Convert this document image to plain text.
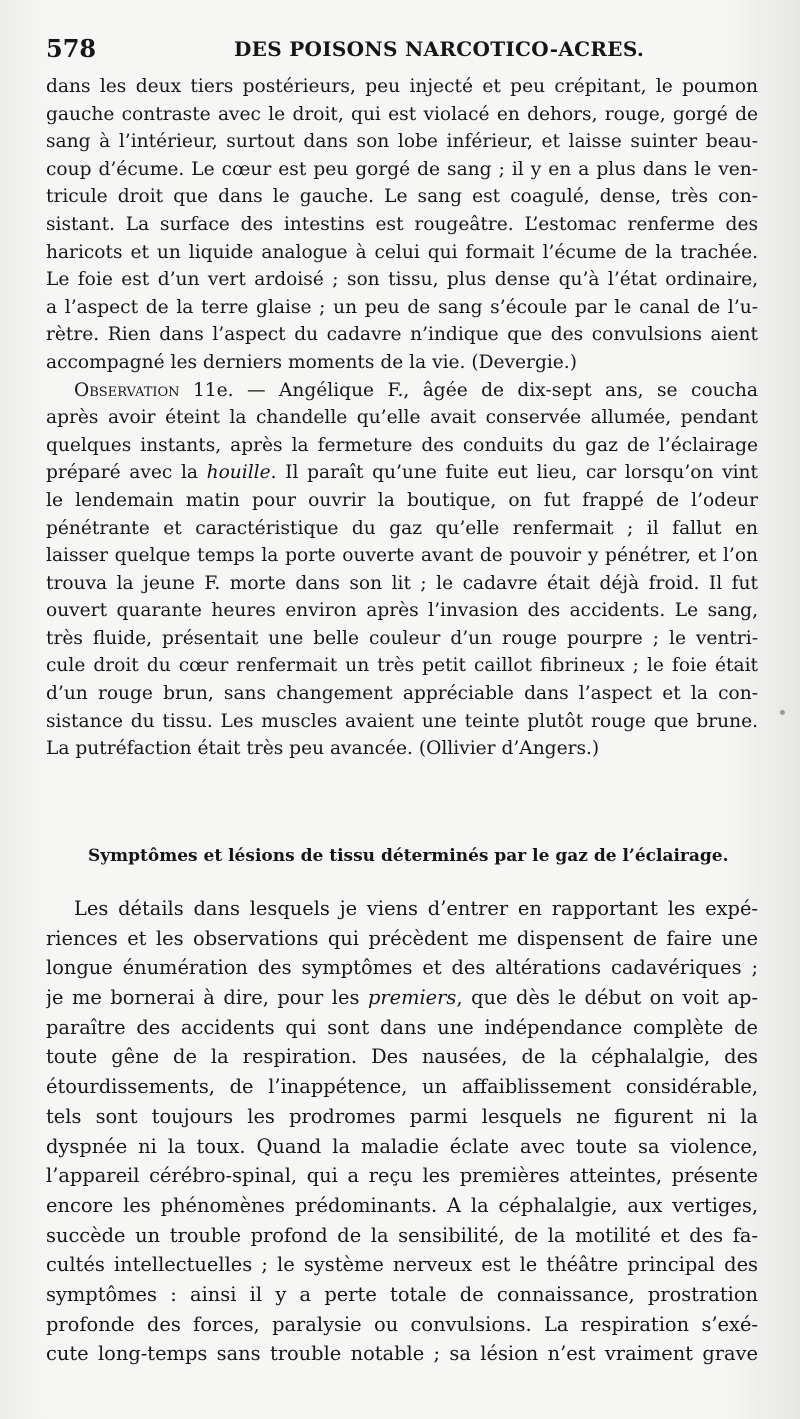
578	DES POISONS NARCOTICO-ACRES.
dans les deux tiers postérieurs, peu injecté et peu crépitant, le poumon
gauche contraste avec le droit, qui est violacé en dehors, rouge, gorgé de
sang à l’intérieur, surtout dans son lobe inférieur, et laisse suinter beau-
coup d’écume. Le cœur est peu gorgé de sang ; il y en a plus dans le ven-
tricule droit que dans le gauche. Le sang est coagulé, dense, très con-
sistant. La surface des intestins est rougeâtre. L’estomac renferme des
haricots et un liquide analogue à celui qui formait l’écume de la trachée.
Le foie est d’un vert ardoisé ; son tissu, plus dense qu’à l’état ordinaire,
a l’aspect de la terre glaise ; un peu de sang s’écoule par le canal de l’u-
rètre. Rien dans l’aspect du cadavre n’indique que des convulsions aient
accompagné les derniers moments de la vie. (Devergie.)
Observation 11e. — Angélique F., âgée de dix-sept ans, se coucha
après avoir éteint la chandelle qu’elle avait conservée allumée, pendant
quelques instants, après la fermeture des conduits du gaz de l’éclairage
préparé avec la houille. Il paraît qu’une fuite eut lieu, car lorsqu’on vint
le lendemain matin pour ouvrir la boutique, on fut frappé de l’odeur
pénétrante et caractéristique du gaz qu’elle renfermait ; il fallut en
laisser quelque temps la porte ouverte avant de pouvoir y pénétrer, et l’on
trouva la jeune F. morte dans son lit ; le cadavre était déjà froid. Il fut
ouvert quarante heures environ après l’invasion des accidents. Le sang,
très fluide, présentait une belle couleur d’un rouge pourpre ; le ventri-
cule droit du cœur renfermait un très petit caillot fibrineux ; le foie était
d’un rouge brun, sans changement appréciable dans l’aspect et la con-
sistance du tissu. Les muscles avaient une teinte plutôt rouge que brune.
La putréfaction était très peu avancée. (Ollivier d’Angers.)
Symptômes et lésions de tissu déterminés par le gaz de l’éclairage.
Les détails dans lesquels je viens d’entrer en rapportant les expé-
riences et les observations qui précèdent me dispensent de faire une
longue énumération des symptômes et des altérations cadavériques ;
je me bornerai à dire, pour les premiers, que dès le début on voit ap-
paraître des accidents qui sont dans une indépendance complète de
toute gêne de la respiration. Des nausées, de la céphalalgie, des
étourdissements, de l’inappétence, un affaiblissement considérable,
tels sont toujours les prodromes parmi lesquels ne figurent ni la
dyspnée ni la toux. Quand la maladie éclate avec toute sa violence,
l’appareil cérébro-spinal, qui a reçu les premières atteintes, présente
encore les phénomènes prédominants. A la céphalalgie, aux vertiges,
succède un trouble profond de la sensibilité, de la motilité et des fa-
cultés intellectuelles ; le système nerveux est le théâtre principal des
symptômes : ainsi il y a perte totale de connaissance, prostration
profonde des forces, paralysie ou convulsions. La respiration s’exé-
cute long-temps sans trouble notable ; sa lésion n’est vraiment grave
